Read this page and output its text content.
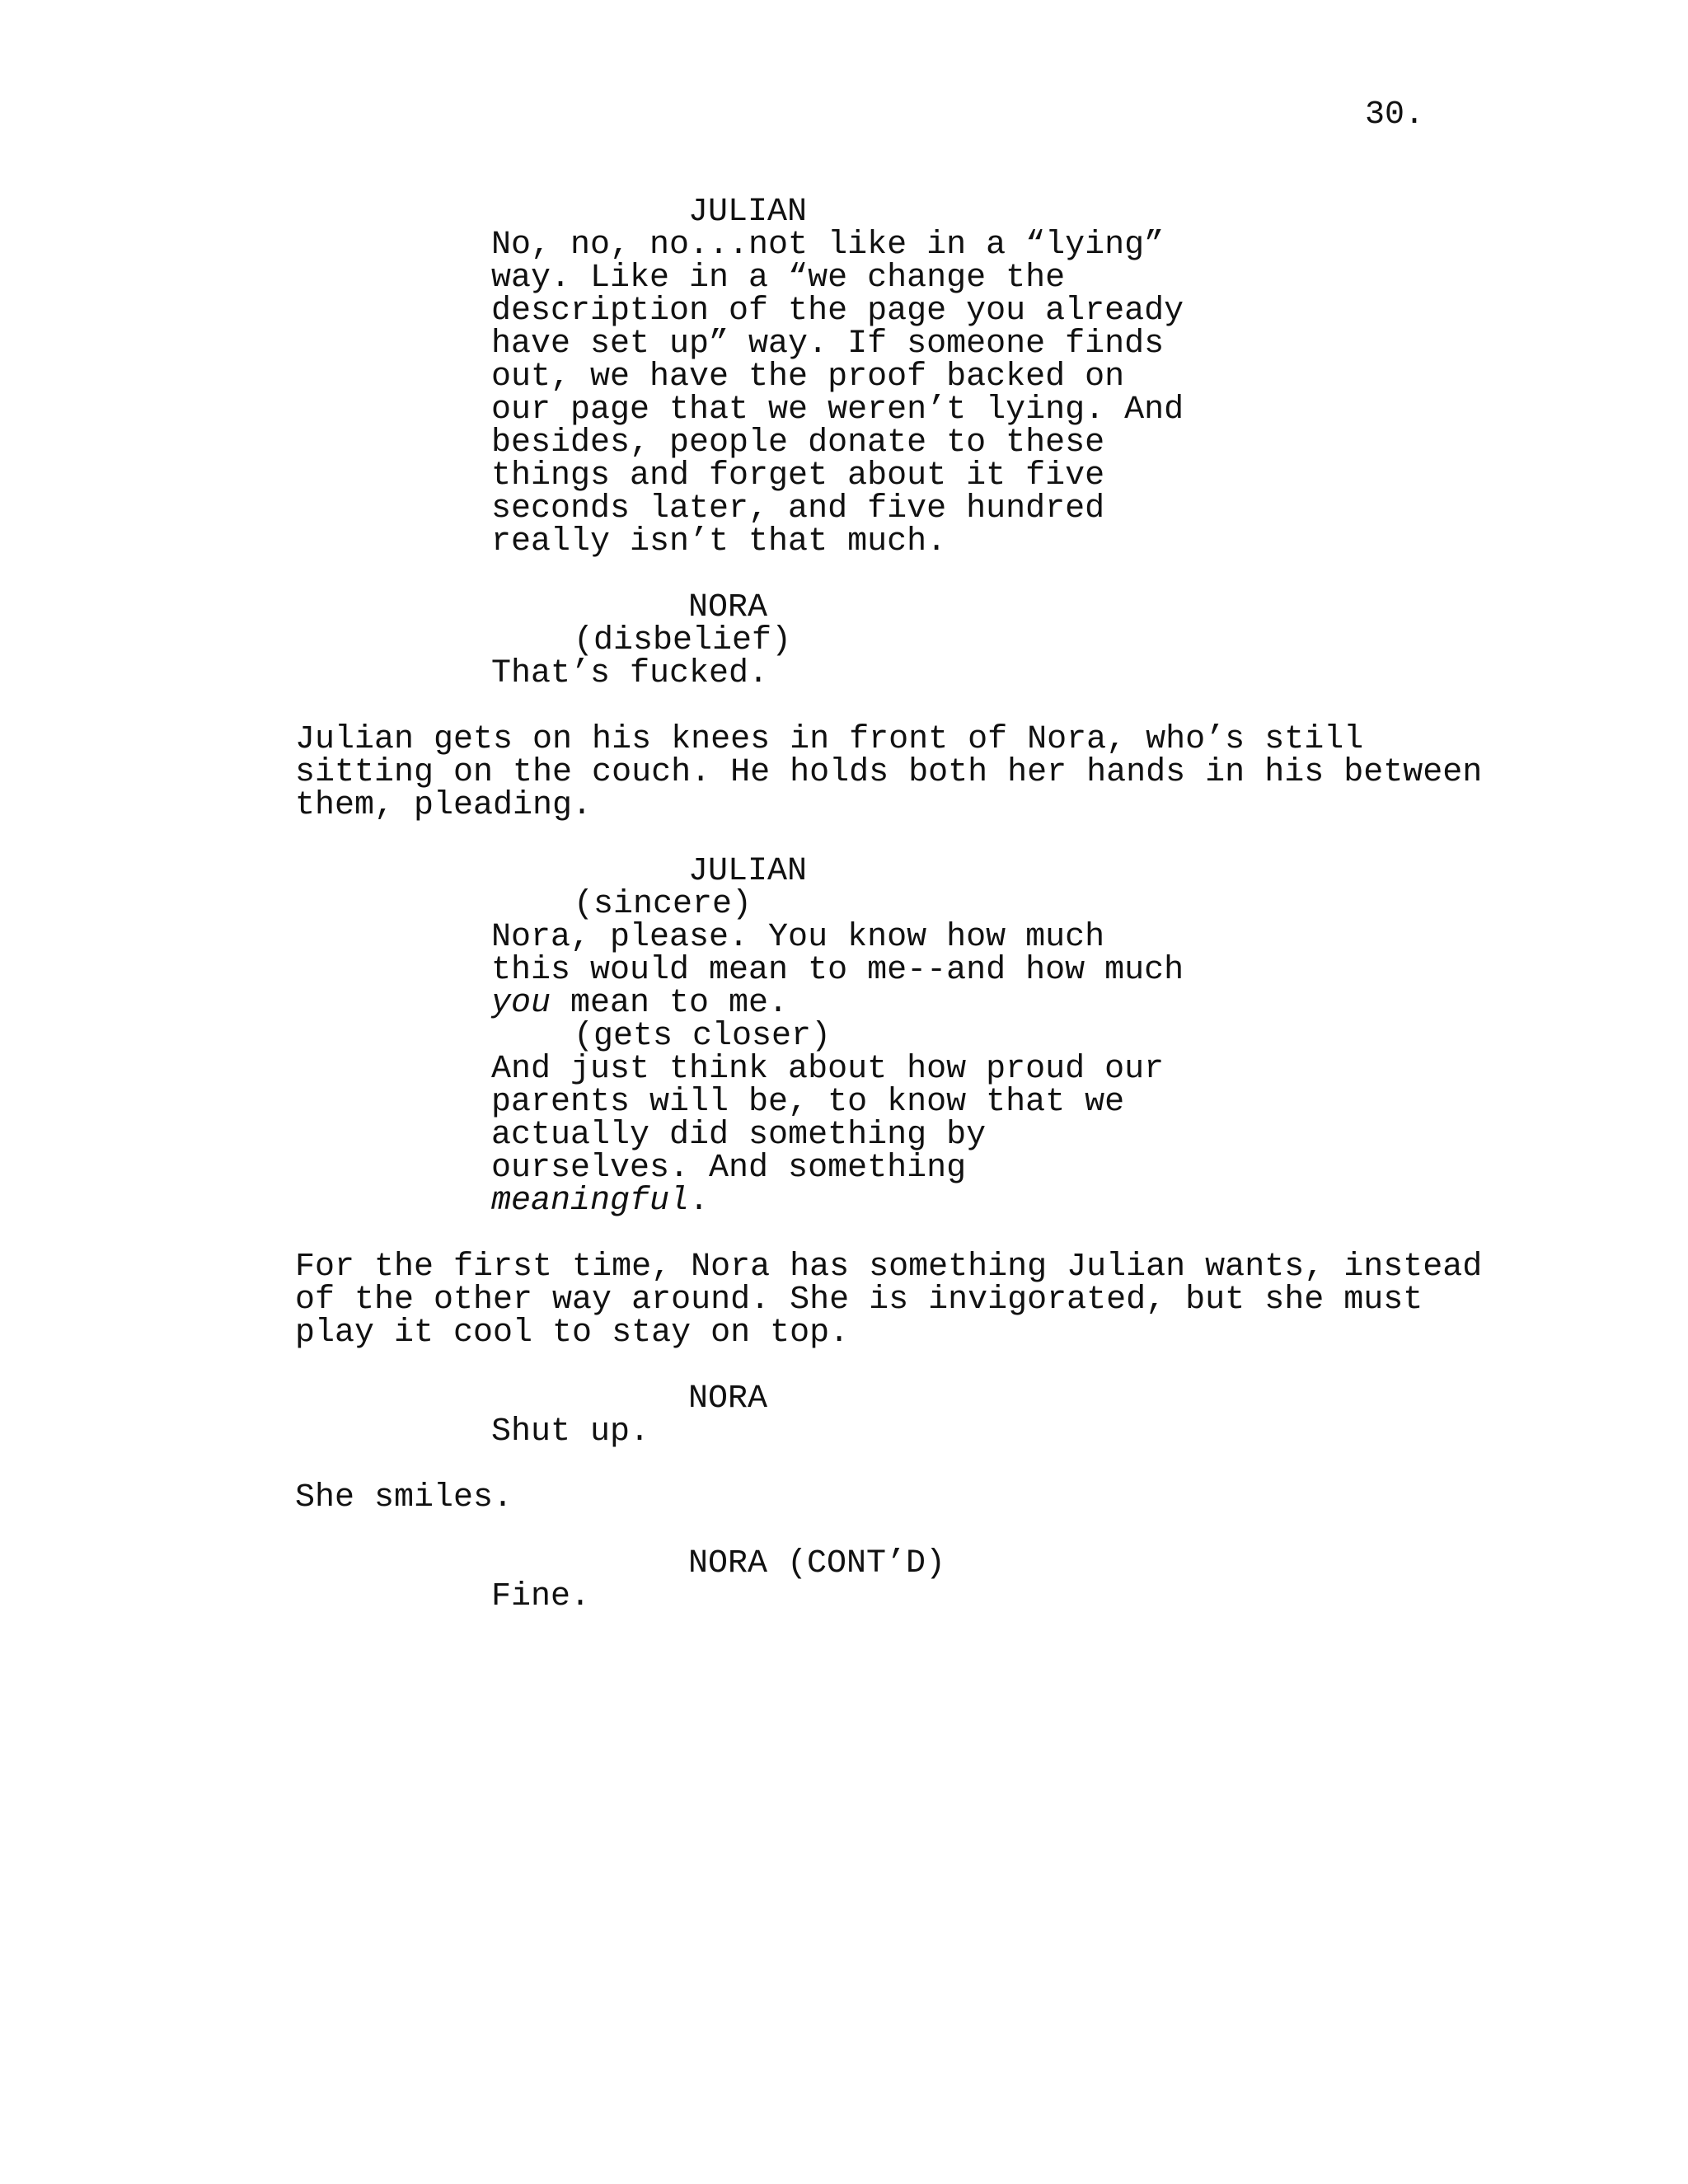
30.
JULIAN
No, no, no...not like in a “lying”
way. Like in a “we change the
description of the page you already
have set up” way. If someone finds
out, we have the proof backed on
our page that we weren’t lying. And
besides, people donate to these
things and forget about it five
seconds later, and five hundred
really isn’t that much.
NORA
(disbelief)
That’s fucked.
Julian gets on his knees in front of Nora, who’s still
sitting on the couch. He holds both her hands in his between
them, pleading.
JULIAN
(sincere)
Nora, please. You know how much
this would mean to me--and how much
you mean to me.
(gets closer)
And just think about how proud our
parents will be, to know that we
actually did something by
ourselves. And something
meaningful.
For the first time, Nora has something Julian wants, instead
of the other way around. She is invigorated, but she must
play it cool to stay on top.
NORA
Shut up.
She smiles.
NORA (CONT’D)
Fine.
